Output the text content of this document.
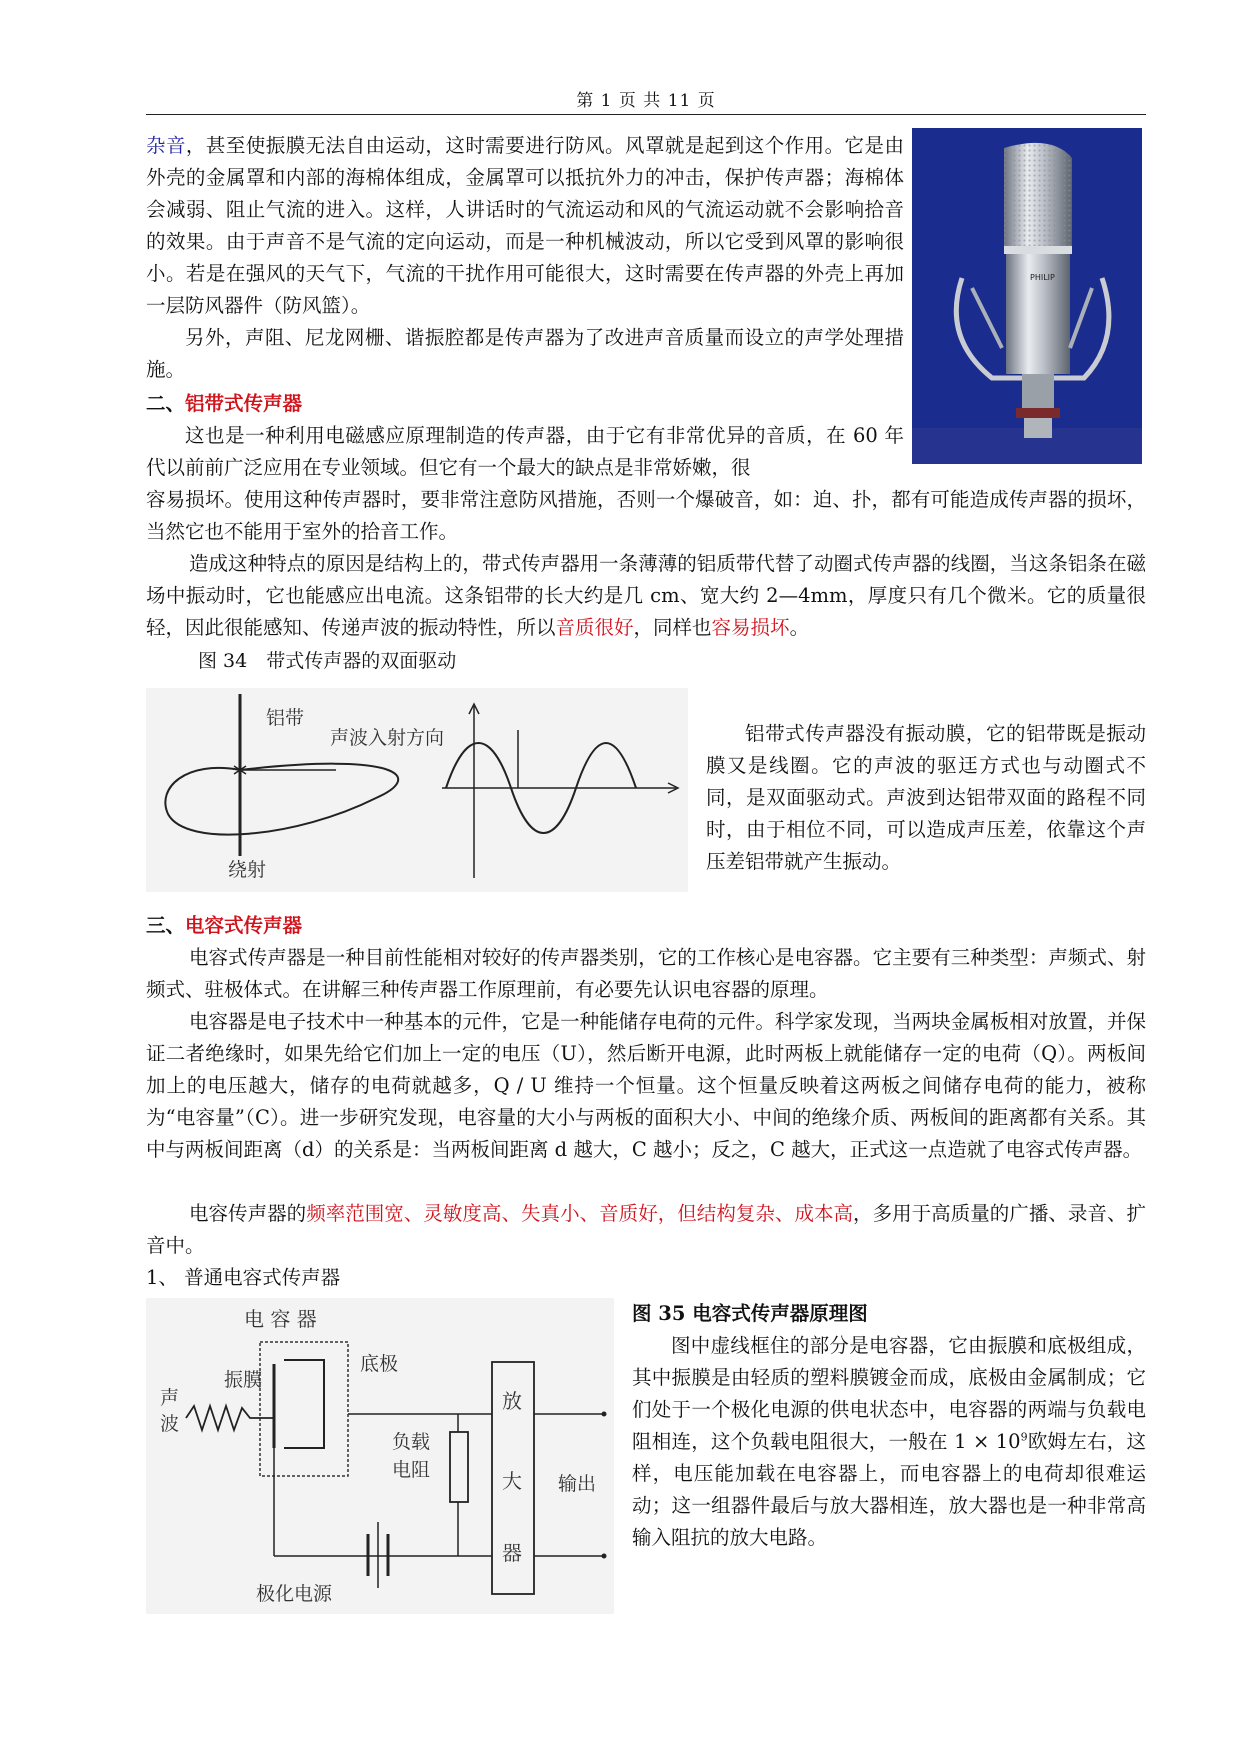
第 1 页 共 11 页

杂音，甚至使振膜无法自由运动，这时需要进行防风。风罩就是起到这个作用。它是由外壳的金属罩和内部的海棉体组成，金属罩可以抵抗外力的冲击，保护传声器；海棉体会减弱、阻止气流的进入。这样，人讲话时的气流运动和风的气流运动就不会影响拾音的效果。由于声音不是气流的定向运动，而是一种机械波动，所以它受到风罩的影响很小。若是在强风的天气下，气流的干扰作用可能很大，这时需要在传声器的外壳上再加一层防风器件（防风篮）。

另外，声阻、尼龙网栅、谐振腔都是传声器为了改进声音质量而设立的声学处理措施。

PHILIP
二、铝带式传声器

这也是一种利用电磁感应原理制造的传声器，由于它有非常优异的音质，在 60 年代以前前广泛应用在专业领域。但它有一个最大的缺点是非常娇嫩，很

容易损坏。使用这种传声器时，要非常注意防风措施，否则一个爆破音，如：迫、扑，都有可能造成传声器的损坏，当然它也不能用于室外的拾音工作。

造成这种特点的原因是结构上的，带式传声器用一条薄薄的铝质带代替了动圈式传声器的线圈，当这条铝条在磁场中振动时，它也能感应出电流。这条铝带的长大约是几 cm、宽大约 2—4mm，厚度只有几个微米。它的质量很轻，因此很能感知、传递声波的振动特性，所以音质很好，同样也容易损坏。

图 34　带式传声器的双面驱动
铝带
声波入射方向
绕射

铝带式传声器没有振动膜，它的铝带既是振动膜又是线圈。它的声波的驱迋方式也与动圈式不同，是双面驱动式。声波到达铝带双面的路程不同时，由于相位不同，可以造成声压差，依靠这个声压差铝带就产生振动。

三、电容式传声器

电容式传声器是一种目前性能相对较好的传声器类别，它的工作核心是电容器。它主要有三种类型：声频式、射频式、驻极体式。在讲解三种传声器工作原理前，有必要先认识电容器的原理。

电容器是电子技术中一种基本的元件，它是一种能储存电荷的元件。科学家发现，当两块金属板相对放置，并保证二者绝缘时，如果先给它们加上一定的电压（U），然后断开电源，此时两板上就能储存一定的电荷（Q）。两板间加上的电压越大，储存的电荷就越多，Q / U 维持一个恒量。这个恒量反映着这两板之间储存电荷的能力，被称为“电容量”（C）。进一步研究发现，电容量的大小与两板的面积大小、中间的绝缘介质、两板间的距离都有关系。其中与两板间距离（d）的关系是：当两板间距离 d 越大，C 越小；反之，C 越大，正式这一点造就了电容式传声器。

电容传声器的频率范围宽、灵敏度高、失真小、音质好，但结构复杂、成本高，多用于高质量的广播、录音、扩音中。

1、 普通电容式传声器
电 容 器
振膜
底极
声
波
负载
电阻
极化电源
放
大
器
输出
图 35 电容式传声器原理图

图中虚线框住的部分是电容器，它由振膜和底极组成，其中振膜是由轻质的塑料膜镀金而成，底极由金属制成；它们处于一个极化电源的供电状态中，电容器的两端与负载电阻相连，这个负载电阻很大，一般在 $1 \times 10^9$欧姆左右，这样，电压能加载在电容器上，而电容器上的电荷却很难运动；这一组器件最后与放大器相连，放大器也是一种非常高输入阻抗的放大电路。
